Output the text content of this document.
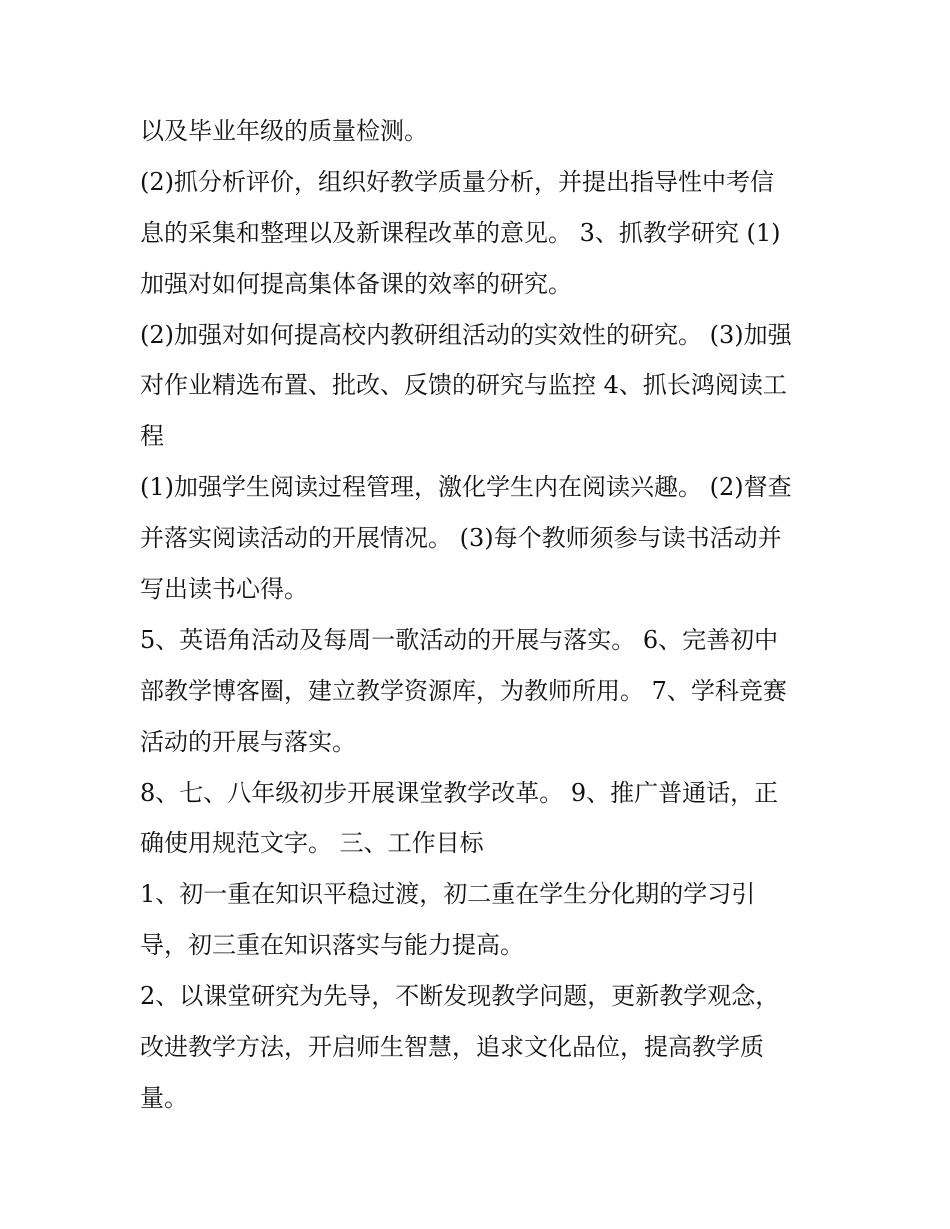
以及毕业年级的质量检测。
(2)抓分析评价，组织好教学质量分析，并提出指导性中考信
息的采集和整理以及新课程改革的意见。 3、抓教学研究 (1)
加强对如何提高集体备课的效率的研究。
(2)加强对如何提高校内教研组活动的实效性的研究。 (3)加强
对作业精选布置、批改、反馈的研究与监控 4、抓长鸿阅读工
程
(1)加强学生阅读过程管理，激化学生内在阅读兴趣。 (2)督查
并落实阅读活动的开展情况。 (3)每个教师须参与读书活动并
写出读书心得。
5、英语角活动及每周一歌活动的开展与落实。 6、完善初中
部教学博客圈，建立教学资源库，为教师所用。 7、学科竞赛
活动的开展与落实。
8、七、八年级初步开展课堂教学改革。 9、推广普通话，正
确使用规范文字。 三、工作目标
1、初一重在知识平稳过渡，初二重在学生分化期的学习引
导，初三重在知识落实与能力提高。
2、以课堂研究为先导，不断发现教学问题，更新教学观念，
改进教学方法，开启师生智慧，追求文化品位，提高教学质
量。
